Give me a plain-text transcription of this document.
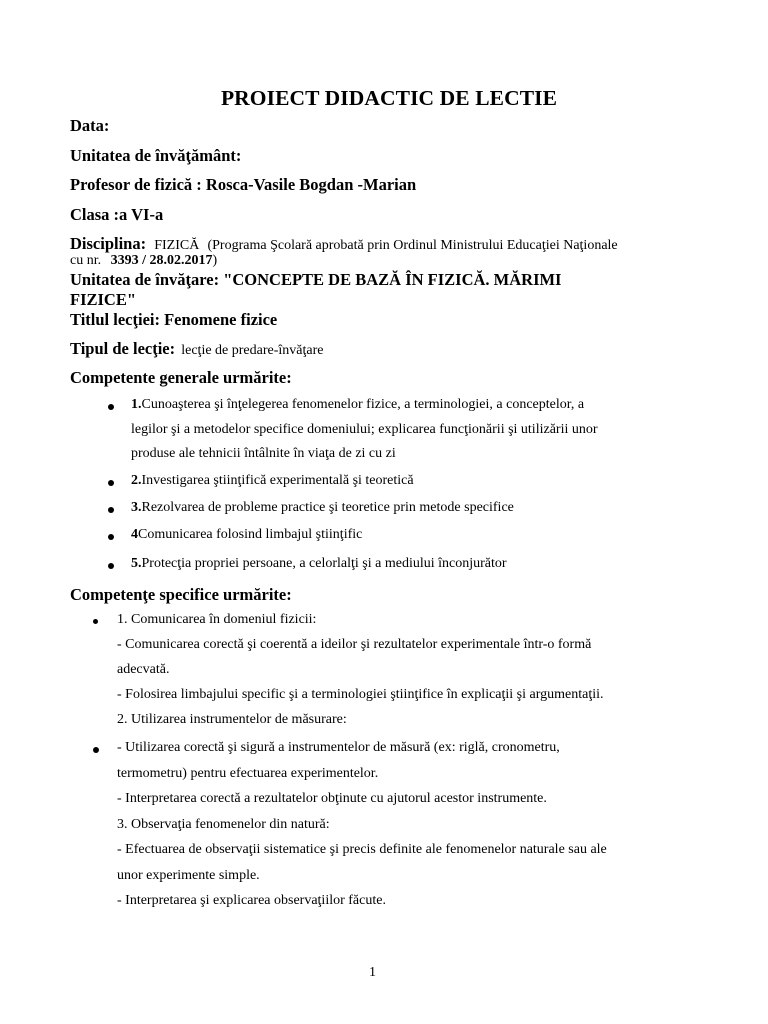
PROIECT DIDACTIC DE LECTIE
Data:
Unitatea de învăţământ:
Profesor de fizică : Rosca-Vasile Bogdan -Marian
Clasa :a VI-a
Disciplina: FIZICĂ (Programa Şcolară aprobată prin Ordinul Ministrului Educaţiei Naţionale
cu nr. 3393 / 28.02.2017)
Unitatea de învăţare: "CONCEPTE DE BAZĂ ÎN FIZICĂ. MĂRIMI
FIZICE"
Titlul lecţiei: Fenomene fizice
Tipul de lecţie: lecţie de predare-învăţare
Competente generale urmărite:
1.Cunoaşterea şi înţelegerea fenomenelor fizice, a terminologiei, a conceptelor, a
legilor şi a metodelor specifice domeniului; explicarea funcţionării şi utilizării unor
produse ale tehnicii întâlnite în viaţa de zi cu zi
2.Investigarea ştiinţifică experimentală şi teoretică
3.Rezolvarea de probleme practice şi teoretice prin metode specifice
4Comunicarea folosind limbajul ştiinţific
5.Protecţia propriei persoane, a celorlalţi şi a mediului înconjurător
Competenţe specifice urmărite:
1. Comunicarea în domeniul fizicii:
- Comunicarea corectă şi coerentă a ideilor şi rezultatelor experimentale într-o formă
adecvată.
- Folosirea limbajului specific şi a terminologiei ştiinţifice în explicaţii şi argumentaţii.
2. Utilizarea instrumentelor de măsurare:
- Utilizarea corectă şi sigură a instrumentelor de măsură (ex: riglă, cronometru,
termometru) pentru efectuarea experimentelor.
- Interpretarea corectă a rezultatelor obţinute cu ajutorul acestor instrumente.
3. Observaţia fenomenelor din natură:
- Efectuarea de observaţii sistematice şi precis definite ale fenomenelor naturale sau ale
unor experimente simple.
- Interpretarea şi explicarea observaţiilor făcute.
1
